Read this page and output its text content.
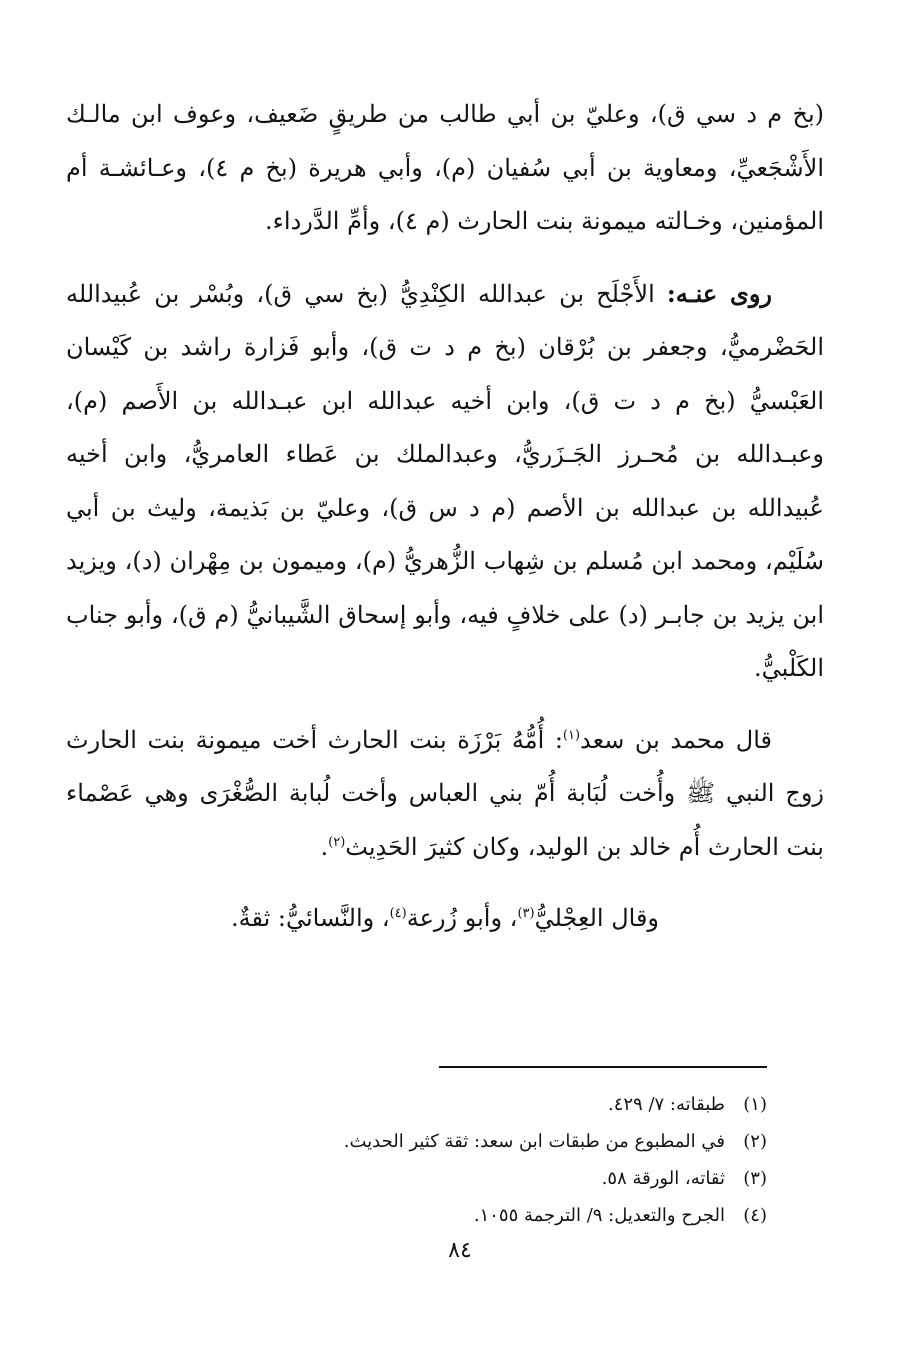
(بخ م د سي ق)، وعليّ بن أبي طالب من طريقٍ ضَعيف، وعوف ابن مالـك الأَشْجَعيِّ، ومعاوية بن أبي سُفيان (م)، وأبي هريرة (بخ م ٤)، وعـائشـة أم المؤمنين، وخـالته ميمونة بنت الحارث (م ٤)، وأمِّ الدَّرداء.

روى عنـه: الأَجْلَح بن عبدالله الكِنْدِيُّ (بخ سي ق)، وبُسْر بن عُبيدالله الحَضْرميُّ، وجعفر بن بُرْقان (بخ م د ت ق)، وأبو فَزارة راشد بن كَيْسان العَبْسيُّ (بخ م د ت ق)، وابن أخيه عبدالله ابن عبـدالله بن الأَصم (م)، وعبـدالله بن مُحـرز الجَـزَريُّ، وعبدالملك بن عَطاء العامريُّ، وابن أخيه عُبيدالله بن عبدالله بن الأصم (م د س ق)، وعليّ بن بَذيمة، وليث بن أبي سُلَيْم، ومحمد ابن مُسلم بن شِهاب الزُّهريُّ (م)، وميمون بن مِهْران (د)، ويزيد ابن يزيد بن جابـر (د) على خلافٍ فيه، وأبو إسحاق الشَّيبانيُّ (م ق)، وأبو جناب الكَلْبيُّ.

قال محمد بن سعد$^{(١)}$: أُمُّهُ بَرْزَة بنت الحارث أخت ميمونة بنت الحارث زوج النبي ﷺ وأُخت لُبَابة أُمّ بني العباس وأخت لُبابة الصُّغْرَى وهي عَصْماء بنت الحارث أُم خالد بن الوليد، وكان كثيرَ الحَدِيث$^{(٢)}$.

وقال العِجْليُّ$^{(٣)}$، وأبو زُرعة$^{(٤)}$، والنَّسائيُّ: ثقةٌ.

(١)
طبقاته: ٧/ ٤٢٩.
(٢)
في المطبوع من طبقات ابن سعد: ثقة كثير الحديث.
(٣)
ثقاته، الورقة ٥٨.
(٤)
الجرح والتعديل: ٩/ الترجمة ١٠٥٥.
٨٤
